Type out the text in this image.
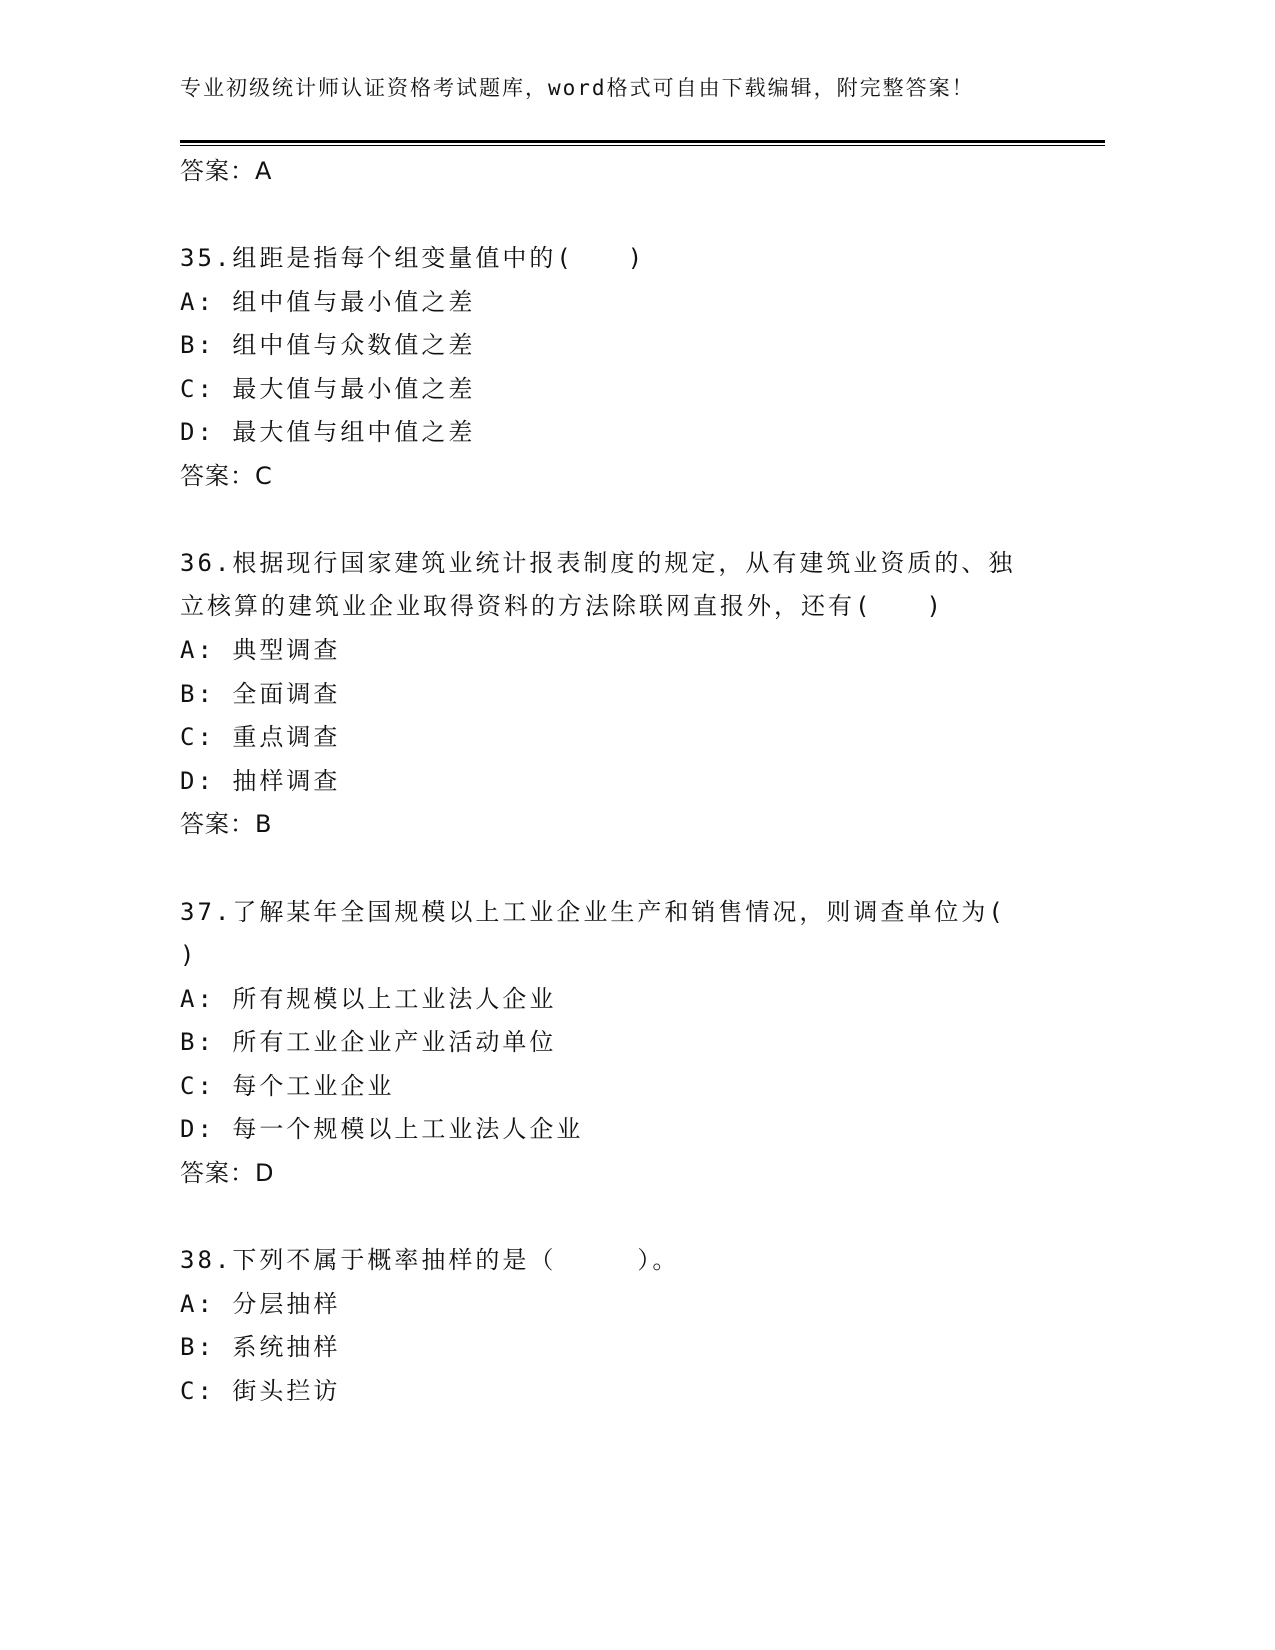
专业初级统计师认证资格考试题库，word格式可自由下载编辑，附完整答案！
答案：A
35.组距是指每个组变量值中的(　　)
A: 组中值与最小值之差
B: 组中值与众数值之差
C: 最大值与最小值之差
D: 最大值与组中值之差
答案：C
36.根据现行国家建筑业统计报表制度的规定，从有建筑业资质的、独
立核算的建筑业企业取得资料的方法除联网直报外，还有(　　)
A: 典型调查
B: 全面调查
C: 重点调查
D: 抽样调查
答案：B
37.了解某年全国规模以上工业企业生产和销售情况，则调查单位为(
)
A: 所有规模以上工业法人企业
B: 所有工业企业产业活动单位
C: 每个工业企业
D: 每一个规模以上工业法人企业
答案：D
38.下列不属于概率抽样的是（　　　）。
A: 分层抽样
B: 系统抽样
C: 街头拦访
